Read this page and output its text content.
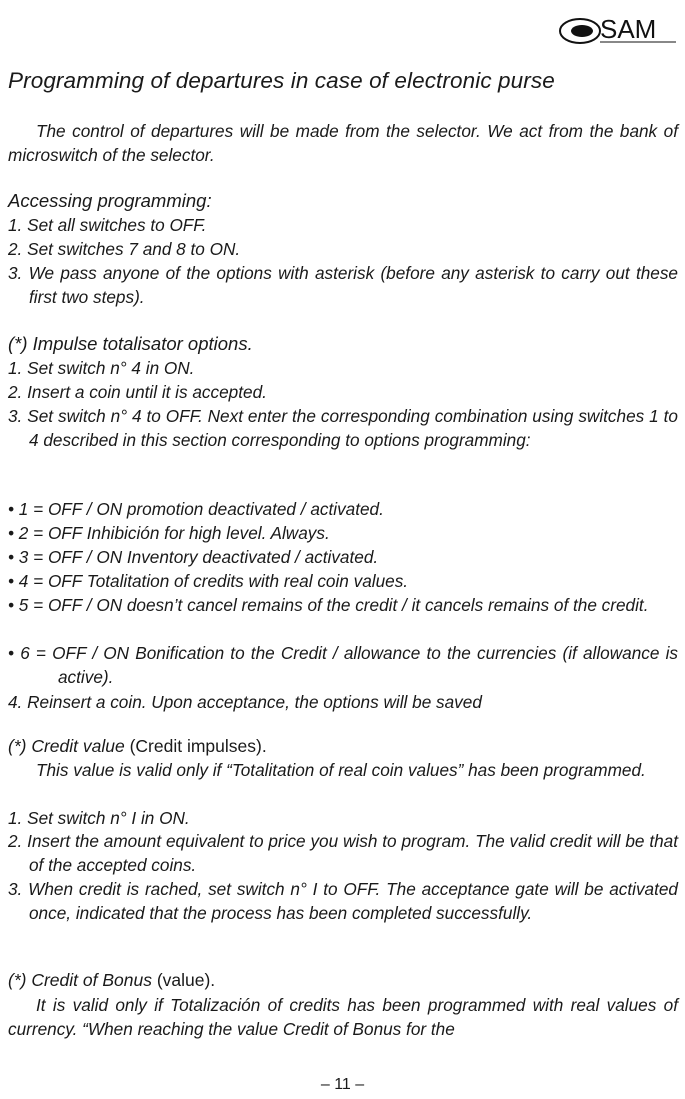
SAM
Programming of departures in case of electronic purse

The control of departures will be made from the selector. We act from the bank of microswitch of the selector.

Accessing programming:
1. Set all switches to OFF.
2. Set switches 7 and 8 to ON.
3. We pass anyone of the options with asterisk (before any asterisk to carry out these first two steps).
(*) Impulse totalisator options.
1. Set switch n° 4 in ON.
2. Insert a coin until it is accepted.
3. Set switch n° 4 to OFF. Next enter the corresponding combination using switches 1 to 4 described in this section corresponding to options programming:
• 1 = OFF / ON promotion deactivated / activated.
• 2 = OFF Inhibición for high level. Always.
• 3 = OFF / ON Inventory deactivated / activated.
• 4 = OFF Totalitation of credits with real coin values.
• 5 = OFF / ON doesn’t cancel remains of the credit / it cancels remains of the credit.
• 6 = OFF / ON Bonification to the Credit / allowance to the currencies (if allowance is active).
4. Reinsert a coin. Upon acceptance, the options will be saved
(*) Credit value (Credit impulses).

This value is valid only if “Totalitation of real coin values” has been programmed.

1. Set switch n° I in ON.
2. Insert the amount equivalent to price you wish to program. The valid credit will be that of the accepted coins.
3. When credit is rached, set switch n° I to OFF. The acceptance gate will be activated once, indicated that the process has been completed successfully.
(*) Credit of Bonus (value).

It is valid only if Totalización of credits has been programmed with real values of currency. “When reaching the value Credit of Bonus for the

– 11 –
